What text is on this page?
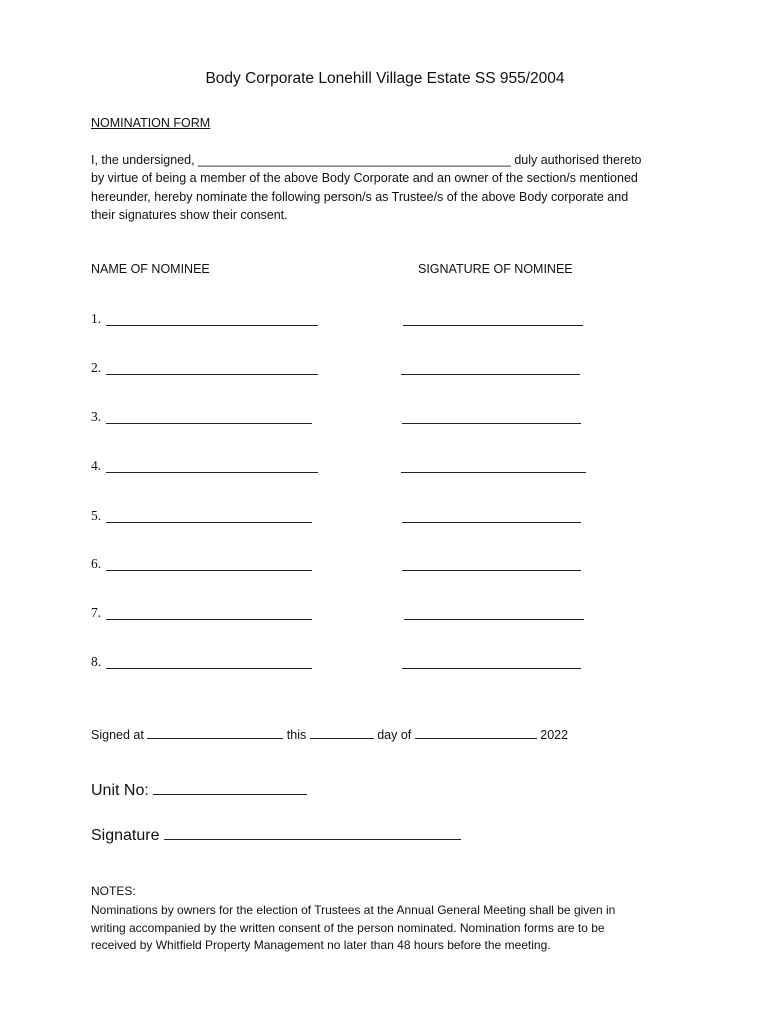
Body Corporate Lonehill Village Estate SS 955/2004
NOMINATION FORM
I, the undersigned, _____________________________________________ duly authorised thereto
by virtue of being a member of the above Body Corporate and an owner of the section/s mentioned
hereunder, hereby nominate the following person/s as Trustee/s of the above Body corporate and
their signatures show their consent.
NAME OF NOMINEE	SIGNATURE OF NOMINEE
1.
2.
3.
4.
5.
6.
7.
8.
Signed at	this	day of	2022
Unit No:
Signature
NOTES:
Nominations by owners for the election of Trustees at the Annual General Meeting shall be given in
writing accompanied by the written consent of the person nominated. Nomination forms are to be
received by Whitfield Property Management no later than 48 hours before the meeting.
